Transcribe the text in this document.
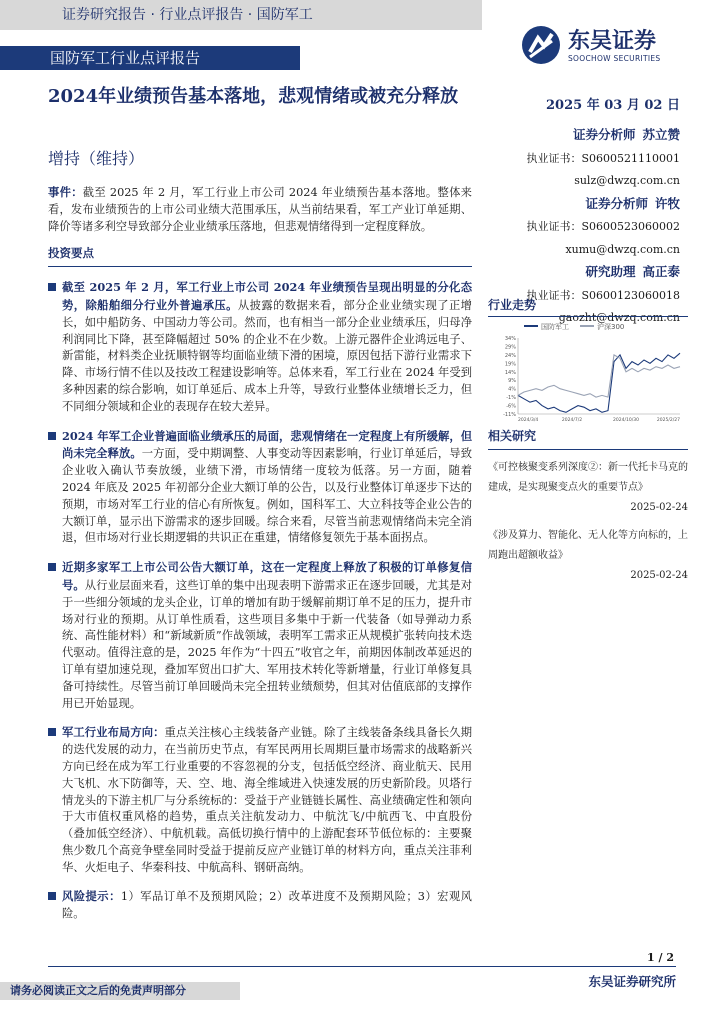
证券研究报告 · 行业点评报告 · 国防军工
国防军工行业点评报告
东吴证券
SOOCHOW SECURITIES
2024年业绩预告基本落地，悲观情绪或被充分释放	2025 年 03 月 02 日
增持（维持）
证券分析师 苏立赞
执业证书：S0600521110001
sulz@dwzq.com.cn
证券分析师 许牧
执业证书：S0600523060002
xumu@dwzq.com.cn
研究助理 高正泰
执业证书：S0600123060018
gaozht@dwzq.com.cn
事件：截至 2025 年 2 月，军工行业上市公司 2024 年业绩预告基本落地。整体来看，发布业绩预告的上市公司业绩大范围承压，从当前结果看，军工产业订单延期、降价等诸多利空导致部分企业业绩承压落地，但悲观情绪得到一定程度释放。
投资要点

截至 2025 年 2 月，军工行业上市公司 2024 年业绩预告呈现出明显的分化态势，除船舶细分行业外普遍承压。从披露的数据来看，部分企业业绩实现了正增长，如中船防务、中国动力等公司。然而，也有相当一部分企业业绩承压，归母净利润同比下降，甚至降幅超过 50% 的企业不在少数。上游元器件企业鸿远电子、新雷能，材料类企业抚顺特钢等均面临业绩下滑的困境，原因包括下游行业需求下降、市场行情不佳以及技改工程建设影响等。总体来看，军工行业在 2024 年受到多种因素的综合影响，如订单延后、成本上升等，导致行业整体业绩增长乏力，但不同细分领域和企业的表现存在较大差异。

2024 年军工企业普遍面临业绩承压的局面，悲观情绪在一定程度上有所缓解，但尚未完全释放。一方面，受中期调整、人事变动等因素影响，行业订单延后，导致企业收入确认节奏放缓，业绩下滑，市场情绪一度较为低落。另一方面，随着 2024 年底及 2025 年初部分企业大额订单的公告，以及行业整体订单逐步下达的预期，市场对军工行业的信心有所恢复。例如，国科军工、大立科技等企业公告的大额订单，显示出下游需求的逐步回暖。综合来看，尽管当前悲观情绪尚未完全消退，但市场对行业长期逻辑的共识正在重建，情绪修复领先于基本面拐点。

近期多家军工上市公司公告大额订单，这在一定程度上释放了积极的订单修复信号。从行业层面来看，这些订单的集中出现表明下游需求正在逐步回暖，尤其是对于一些细分领域的龙头企业，订单的增加有助于缓解前期订单不足的压力，提升市场对行业的预期。从订单性质看，这些项目多集中于新一代装备（如导弹动力系统、高性能材料）和“新域新质”作战领域，表明军工需求正从规模扩张转向技术迭代驱动。值得注意的是，2025 年作为“十四五”收官之年，前期因体制改革延迟的订单有望加速兑现，叠加军贸出口扩大、军用技术转化等新增量，行业订单修复具备可持续性。尽管当前订单回暖尚未完全扭转业绩颓势，但其对估值底部的支撑作用已开始显现。

军工行业布局方向：重点关注核心主线装备产业链。除了主线装备条线具备长久期的迭代发展的动力，在当前历史节点，有军民两用长周期巨量市场需求的战略新兴方向已经在成为军工行业重要的不容忽视的分支，包括低空经济、商业航天、民用大飞机、水下防御等，天、空、地、海全维域进入快速发展的历史新阶段。贝塔行情龙头的下游主机厂与分系统标的：受益于产业链链长属性、高业绩确定性和领向于大市值权重风格的趋势，重点关注航发动力、中航沈飞/中航西飞、中直股份（叠加低空经济）、中航机载。高低切换行情中的上游配套环节低位标的：主要聚焦少数几个高竞争壁垒同时受益于提前反应产业链订单的材料方向，重点关注菲利华、火炬电子、华秦科技、中航高科、钢研高纳。

风险提示：1）军品订单不及预期风险；2）改革进度不及预期风险；3）宏观风险。

行业走势
国防军工	沪深300
-11%
-6%
-1%
4%
9%
14%
19%
24%
29%
34%
2024/3/4	2024/7/2	2024/10/30	2025/2/27
相关研究
《可控核聚变系列深度②：新一代托卡马克的建成，是实现聚变点火的重要节点》
2025-02-24
《涉及算力、智能化、无人化等方向标的，上周跑出超额收益》
2025-02-24
1 / 2
东吴证券研究所
请务必阅读正文之后的免责声明部分
